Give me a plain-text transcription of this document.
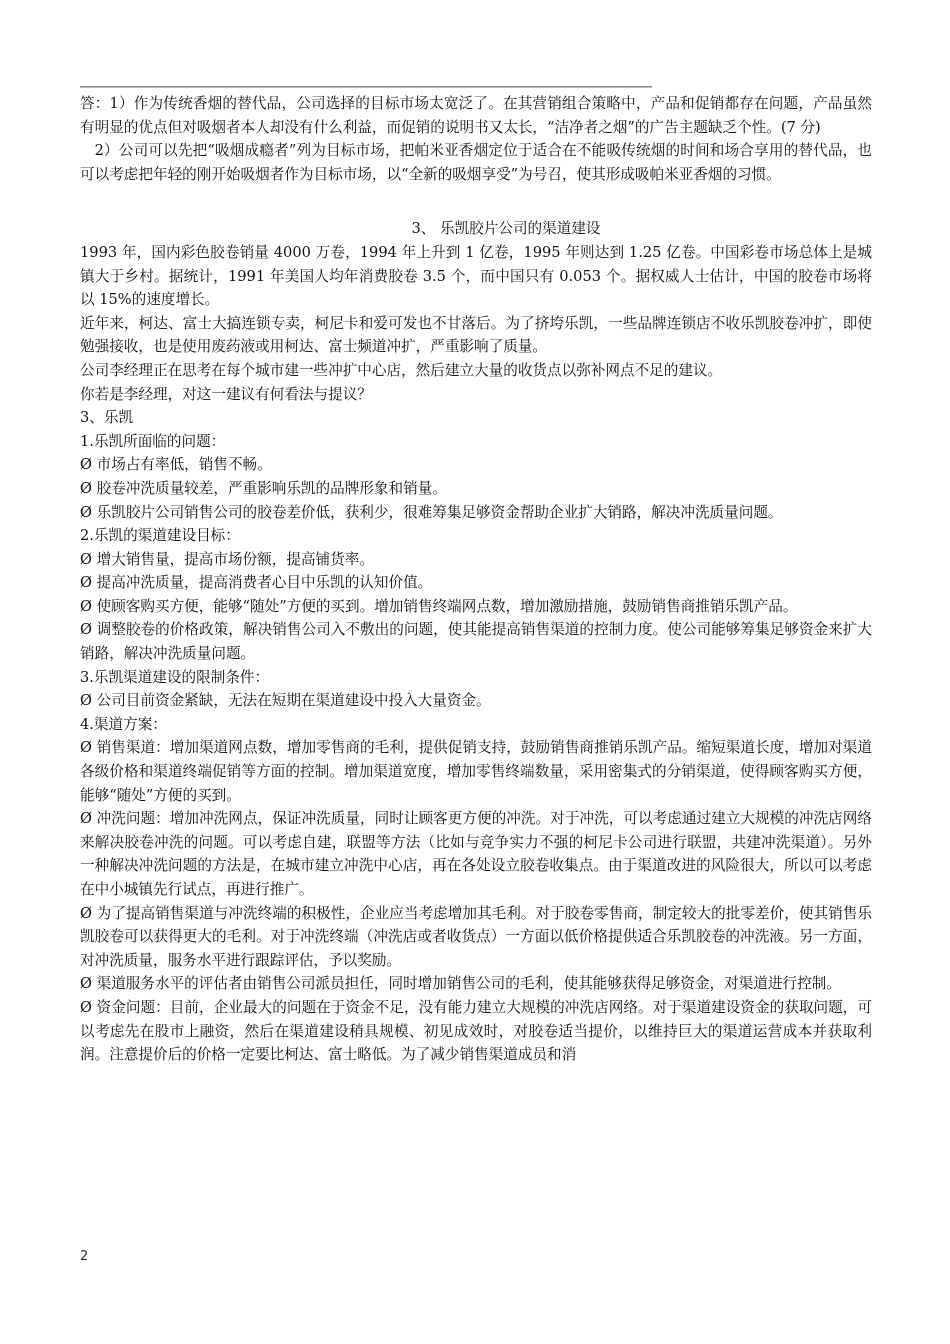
答：1）作为传统香烟的替代品，公司选择的目标市场太宽泛了。在其营销组合策略中，产品和促销都存在问题，产品虽然有明显的优点但对吸烟者本人却没有什么利益，而促销的说明书又太长，“洁净者之烟”的广告主题缺乏个性。(7 分)

2）公司可以先把“吸烟成瘾者”列为目标市场，把帕米亚香烟定位于适合在不能吸传统烟的时间和场合享用的替代品，也可以考虑把年轻的刚开始吸烟者作为目标市场，以“全新的吸烟享受”为号召，使其形成吸帕米亚香烟的习惯。

3、 乐凯胶片公司的渠道建设

1993 年，国内彩色胶卷销量 4000 万卷，1994 年上升到 1 亿卷，1995 年则达到 1.25 亿卷。中国彩卷市场总体上是城镇大于乡村。据统计，1991 年美国人均年消费胶卷 3.5 个，而中国只有 0.053 个。据权威人士估计，中国的胶卷市场将以 15%的速度增长。

近年来，柯达、富士大搞连锁专卖，柯尼卡和爱可发也不甘落后。为了挤垮乐凯，一些品牌连锁店不收乐凯胶卷冲扩，即使勉强接收，也是使用废药液或用柯达、富士频道冲扩，严重影响了质量。

公司李经理正在思考在每个城市建一些冲扩中心店，然后建立大量的收货点以弥补网点不足的建议。

你若是李经理，对这一建议有何看法与提议？

3、乐凯

1.乐凯所面临的问题：

Ø 市场占有率低，销售不畅。

Ø 胶卷冲洗质量较差，严重影响乐凯的品牌形象和销量。

Ø 乐凯胶片公司销售公司的胶卷差价低，获利少，很难筹集足够资金帮助企业扩大销路，解决冲洗质量问题。

2.乐凯的渠道建设目标：

Ø 增大销售量，提高市场份额，提高铺货率。

Ø 提高冲洗质量，提高消费者心目中乐凯的认知价值。

Ø 使顾客购买方便，能够“随处”方便的买到。增加销售终端网点数，增加激励措施，鼓励销售商推销乐凯产品。

Ø 调整胶卷的价格政策，解决销售公司入不敷出的问题，使其能提高销售渠道的控制力度。使公司能够筹集足够资金来扩大销路，解决冲洗质量问题。

3.乐凯渠道建设的限制条件：

Ø 公司目前资金紧缺，无法在短期在渠道建设中投入大量资金。

4.渠道方案：

Ø 销售渠道：增加渠道网点数，增加零售商的毛利，提供促销支持，鼓励销售商推销乐凯产品。缩短渠道长度，增加对渠道各级价格和渠道终端促销等方面的控制。增加渠道宽度，增加零售终端数量，采用密集式的分销渠道，使得顾客购买方便，能够“随处”方便的买到。

Ø 冲洗问题：增加冲洗网点，保证冲洗质量，同时让顾客更方便的冲洗。对于冲洗，可以考虑通过建立大规模的冲洗店网络来解决胶卷冲洗的问题。可以考虑自建，联盟等方法（比如与竞争实力不强的柯尼卡公司进行联盟，共建冲洗渠道）。另外一种解决冲洗问题的方法是，在城市建立冲洗中心店，再在各处设立胶卷收集点。由于渠道改进的风险很大，所以可以考虑在中小城镇先行试点，再进行推广。

Ø 为了提高销售渠道与冲洗终端的积极性，企业应当考虑增加其毛利。对于胶卷零售商，制定较大的批零差价，使其销售乐凯胶卷可以获得更大的毛利。对于冲洗终端（冲洗店或者收货点）一方面以低价格提供适合乐凯胶卷的冲洗液。另一方面，对冲洗质量，服务水平进行跟踪评估，予以奖励。

Ø 渠道服务水平的评估者由销售公司派员担任，同时增加销售公司的毛利，使其能够获得足够资金，对渠道进行控制。

Ø 资金问题：目前，企业最大的问题在于资金不足，没有能力建立大规模的冲洗店网络。对于渠道建设资金的获取问题，可以考虑先在股市上融资，然后在渠道建设稍具规模、初见成效时，对胶卷适当提价，以维持巨大的渠道运营成本并获取利润。注意提价后的价格一定要比柯达、富士略低。为了减少销售渠道成员和消

2
